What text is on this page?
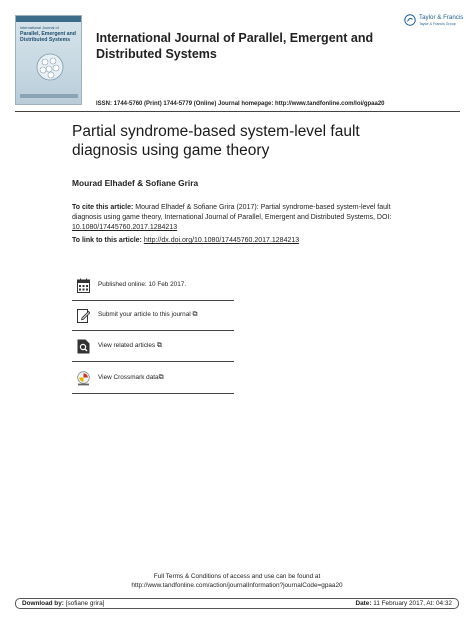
International Journal of
Parallel, Emergent and
Distributed Systems	International Journal of Parallel, Emergent and Distributed Systems
Taylor & Francis
Taylor & Francis Group
ISSN: 1744-5760 (Print) 1744-5779 (Online) Journal homepage: http://www.tandfonline.com/loi/gpaa20
Partial syndrome-based system-level fault diagnosis using game theory
Mourad Elhadef & Sofiane Grira
To cite this article: Mourad Elhadef & Sofiane Grira (2017): Partial syndrome-based system-level fault diagnosis using game theory, International Journal of Parallel, Emergent and Distributed Systems, DOI: 10.1080/17445760.2017.1284213
To link to this article: http://dx.doi.org/10.1080/17445760.2017.1284213
Published online: 10 Feb 2017.
Submit your article to this journal ⧉
View related articles ⧉
View Crossmark data⧉
Full Terms & Conditions of access and use can be found at
http://www.tandfonline.com/action/journalInformation?journalCode=gpaa20
Download by: [sofiane grira]	Date: 11 February 2017, At: 04:32
